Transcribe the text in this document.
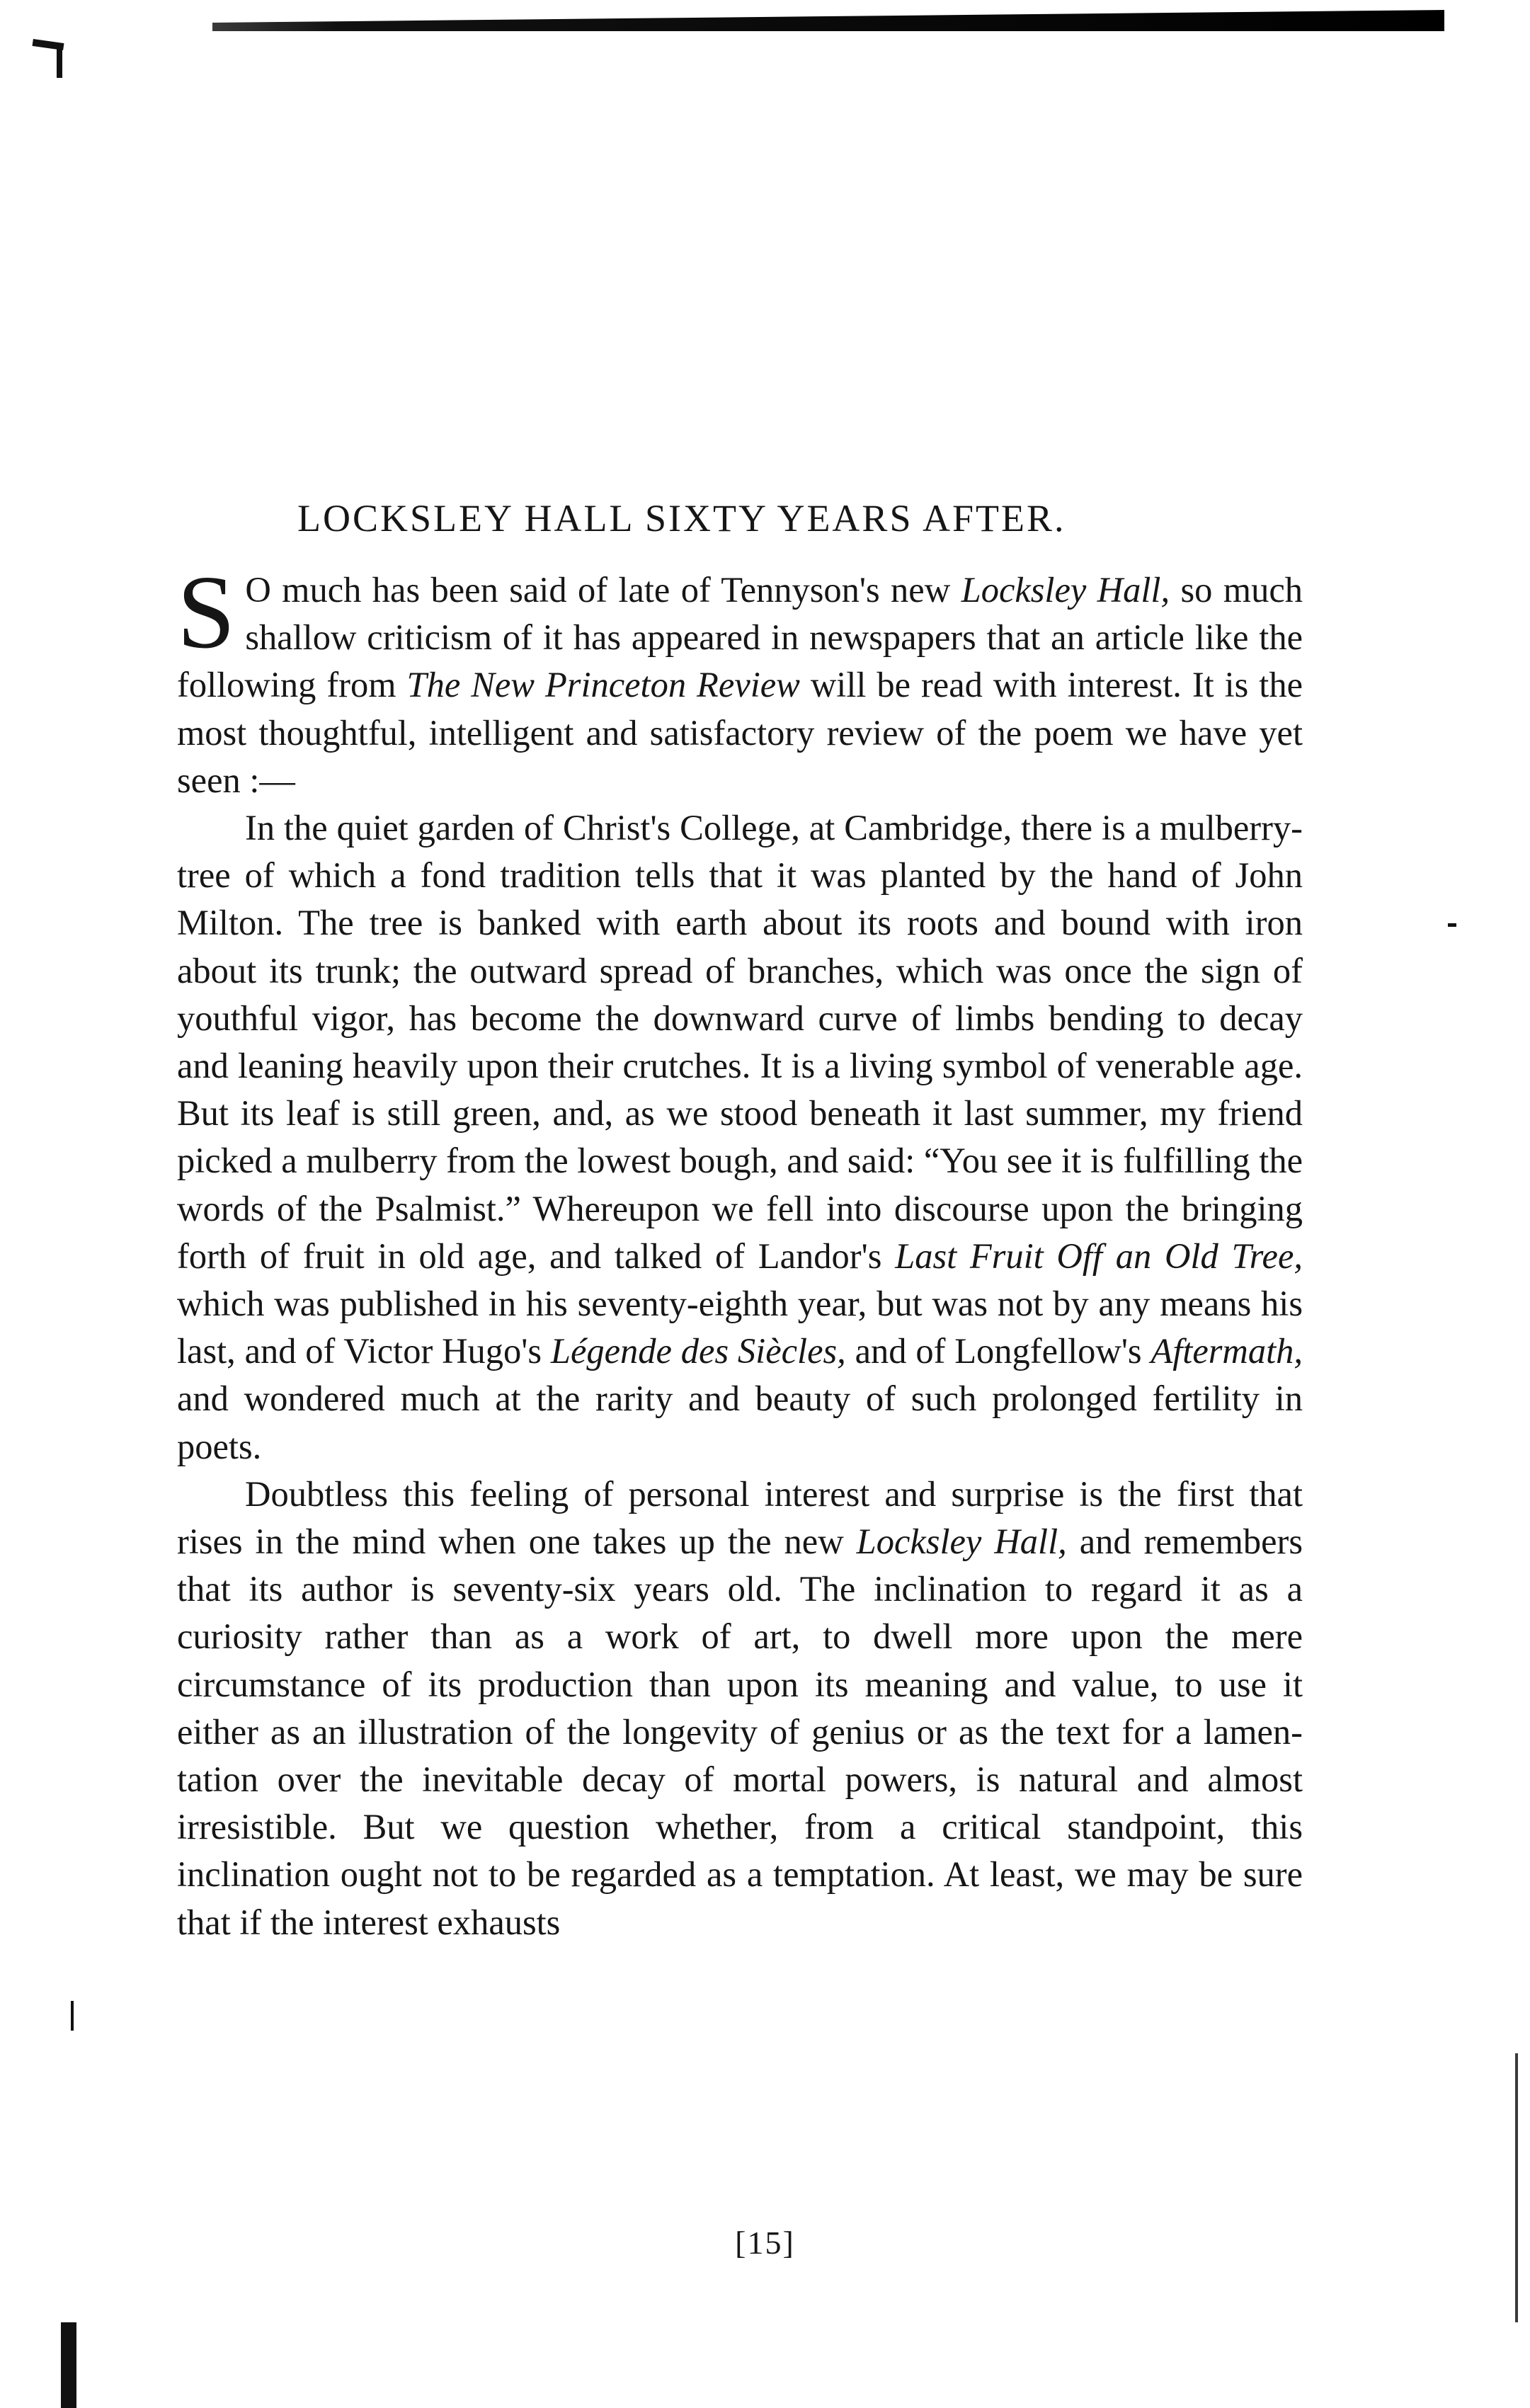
LOCKSLEY HALL SIXTY YEARS AFTER.

S O much has been said of late of Tennyson's new Locksley Hall, so much shallow criticism of it has appeared in newspapers that an article like the following from The New Princeton Review will be read with interest. It is the most thoughtful, intelligent and satisfactory review of the poem we have yet seen :—

In the quiet garden of Christ's College, at Cambridge, there is a mulberry-tree of which a fond tradition tells that it was planted by the hand of John Milton. The tree is banked with earth about its roots and bound with iron about its trunk; the outward spread of branches, which was once the sign of youthful vigor, has become the downward curve of limbs bending to decay and leaning heavily upon their crutches. It is a living symbol of venerable age. But its leaf is still green, and, as we stood beneath it last summer, my friend picked a mulberry from the lowest bough, and said: “You see it is fulfilling the words of the Psalmist.” Whereupon we fell into discourse upon the bringing forth of fruit in old age, and talked of Landor's Last Fruit Off an Old Tree, which was published in his seventy-eighth year, but was not by any means his last, and of Victor Hugo's Légende des Siècles, and of Longfellow's Aftermath, and wondered much at the rarity and beauty of such prolonged fertility in poets.

Doubtless this feeling of personal interest and surprise is the first that rises in the mind when one takes up the new Locksley Hall, and remembers that its author is seventy-six years old. The inclination to regard it as a curiosity rather than as a work of art, to dwell more upon the mere circumstance of its production than upon its meaning and value, to use it either as an illustration of the longevity of genius or as the text for a lamentation over the inevitable decay of mortal powers, is natural and almost irresistible. But we question whether, from a critical standpoint, this inclination ought not to be regarded as a temptation. At least, we may be sure that if the interest exhausts

[15]
